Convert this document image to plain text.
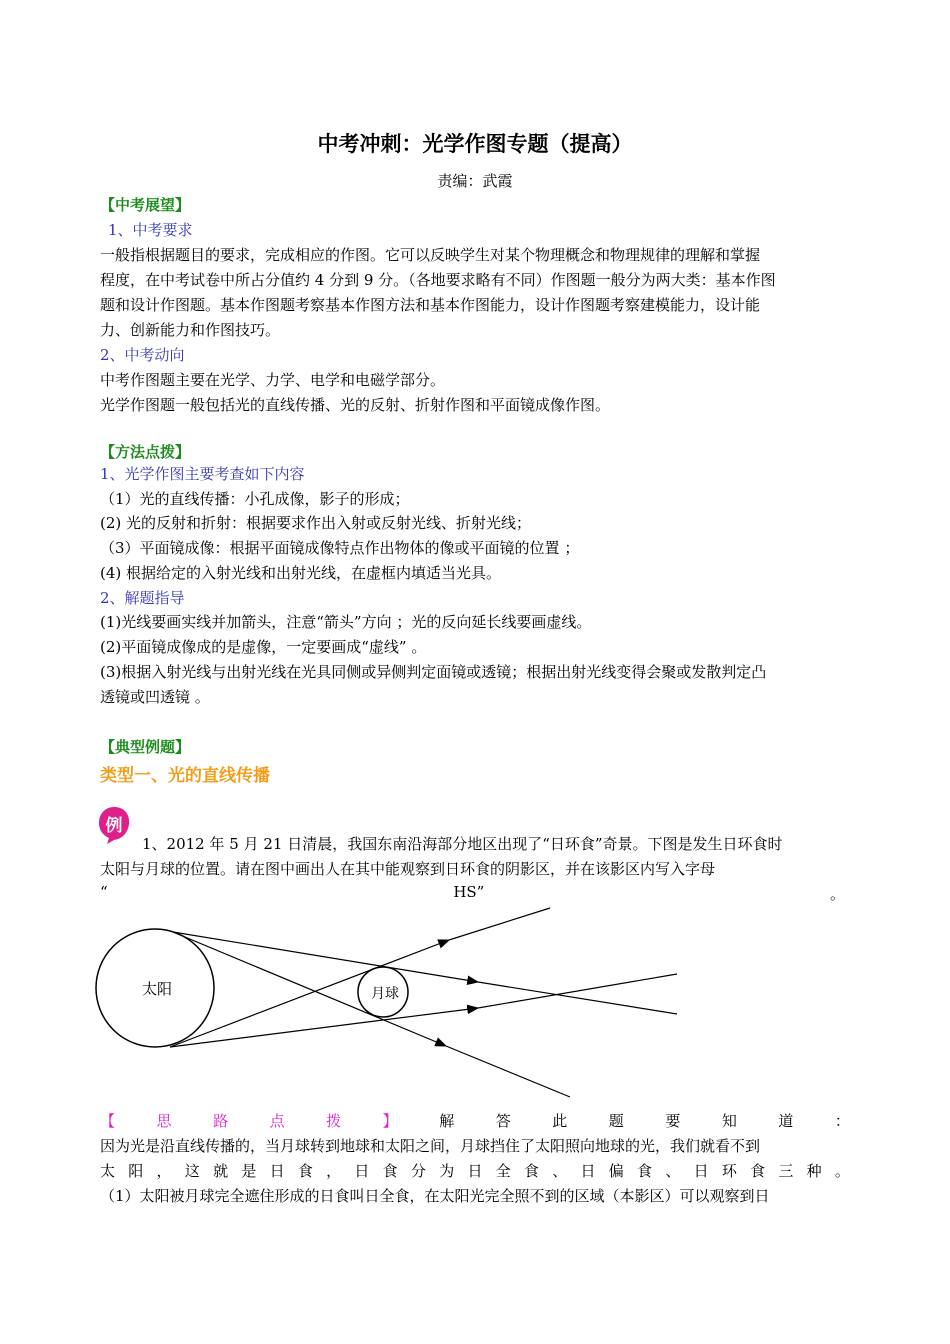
中考冲刺：光学作图专题（提高）
责编：武霞
【中考展望】
1、中考要求
一般指根据题目的要求，完成相应的作图。它可以反映学生对某个物理概念和物理规律的理解和掌握
程度，在中考试卷中所占分值约 4 分到 9 分。（各地要求略有不同）作图题一般分为两大类：基本作图
题和设计作图题。基本作图题考察基本作图方法和基本作图能力，设计作图题考察建模能力，设计能
力、创新能力和作图技巧。
2、中考动向
中考作图题主要在光学、力学、电学和电磁学部分。
光学作图题一般包括光的直线传播、光的反射、折射作图和平面镜成像作图。
【方法点拨】
1、光学作图主要考查如下内容
（1）光的直线传播：小孔成像，影子的形成；
(2) 光的反射和折射：根据要求作出入射或反射光线、折射光线；
（3）平面镜成像：根据平面镜成像特点作出物体的像或平面镜的位置 ；
(4) 根据给定的入射光线和出射光线，在虚框内填适当光具。
2、解题指导
(1)光线要画实线并加箭头，注意“箭头”方向 ；光的反向延长线要画虚线。
(2)平面镜成像成的是虚像，一定要画成“虚线” 。
(3)根据入射光线与出射光线在光具同侧或异侧判定面镜或透镜；根据出射光线变得会聚或发散判定凸
透镜或凹透镜 。
【典型例题】
类型一、光的直线传播
例
1、2012 年 5 月 21 日清晨，我国东南沿海部分地区出现了“日环食”奇景。下图是发生日环食时
太阳与月球的位置。请在图中画出人在其中能观察到日环食的阴影区，并在该影区内写入字母
“	HS”	。
太阳	月球
【	思	路	点	拨	】	解	答	此	题	要	知	道	：
因为光是沿直线传播的，当月球转到地球和太阳之间，月球挡住了太阳照向地球的光，我们就看不到
太 阳 ， 这 就 是 日 食 ， 日 食 分 为 日 全 食 、 日 偏 食 、 日 环 食 三 种 。
（1）太阳被月球完全遮住形成的日食叫日全食，在太阳光完全照不到的区域（本影区）可以观察到日
